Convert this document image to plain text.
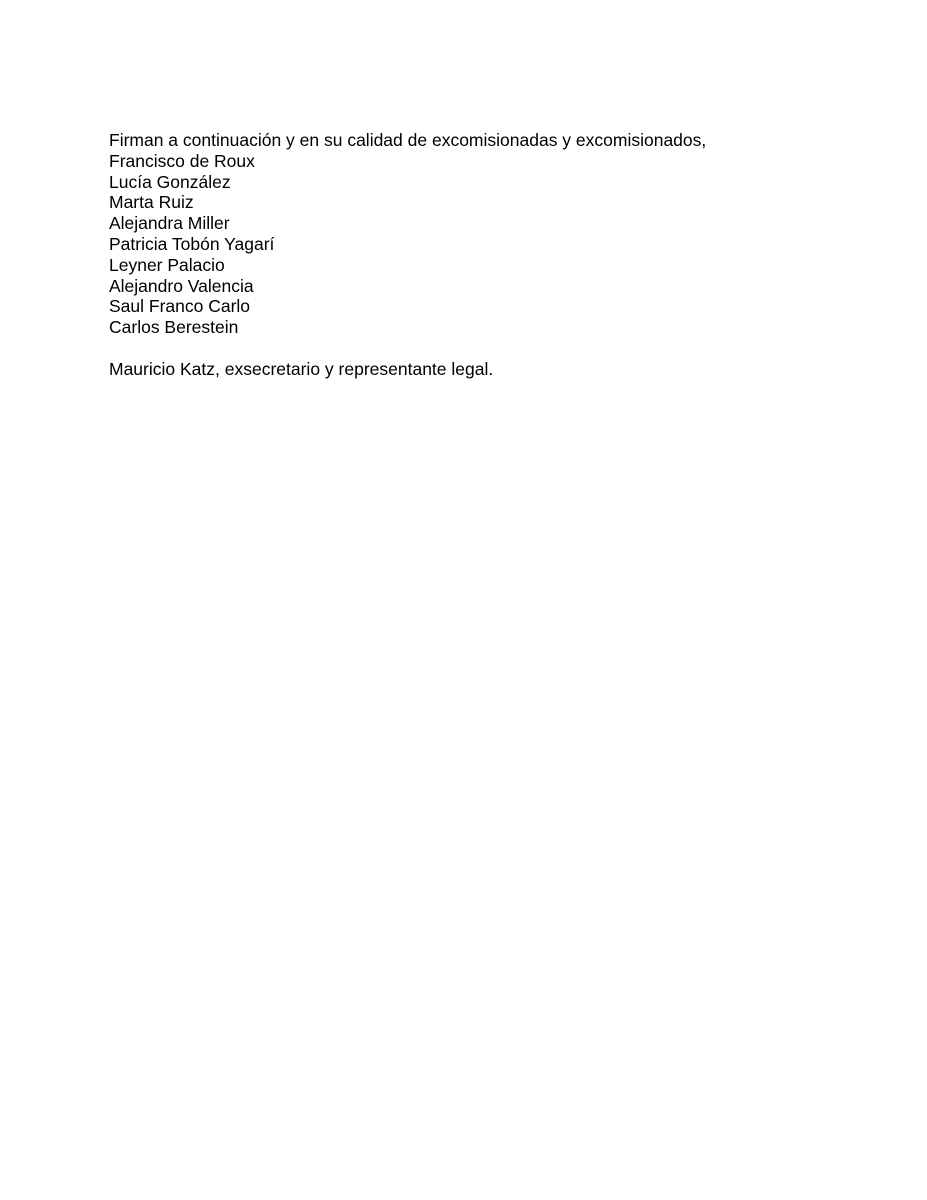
Firman a continuación y en su calidad de excomisionadas y excomisionados,

Francisco de Roux
Lucía González
Marta Ruiz
Alejandra Miller
Patricia Tobón Yagarí
Leyner Palacio
Alejandro Valencia
Saul Franco Carlo
Carlos Berestein

Mauricio Katz, exsecretario y representante legal.
